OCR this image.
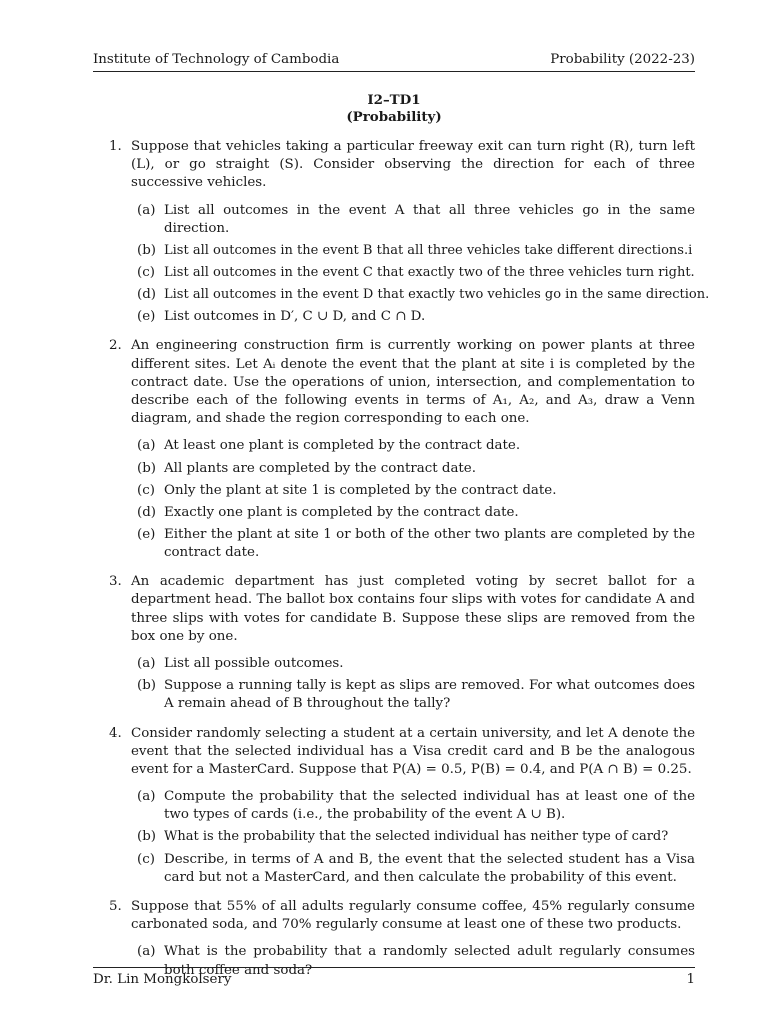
Institute of Technology of Cambodia	Probability (2022-23)
I2–TD1
(Probability)
1. Suppose that vehicles taking a particular freeway exit can turn right (R), turn left (L), or go straight (S). Consider observing the direction for each of three successive vehicles.
(a) List all outcomes in the event A that all three vehicles go in the same direction.
(b) List all outcomes in the event B that all three vehicles take different directions.i
(c) List all outcomes in the event C that exactly two of the three vehicles turn right.
(d) List all outcomes in the event D that exactly two vehicles go in the same direction.
(e) List outcomes in D′, C ∪ D, and C ∩ D.
2. An engineering construction firm is currently working on power plants at three different sites. Let Aᵢ denote the event that the plant at site i is completed by the contract date. Use the operations of union, intersection, and complementation to describe each of the following events in terms of A₁, A₂, and A₃, draw a Venn diagram, and shade the region corresponding to each one.
(a) At least one plant is completed by the contract date.
(b) All plants are completed by the contract date.
(c) Only the plant at site 1 is completed by the contract date.
(d) Exactly one plant is completed by the contract date.
(e) Either the plant at site 1 or both of the other two plants are completed by the contract date.
3. An academic department has just completed voting by secret ballot for a department head. The ballot box contains four slips with votes for candidate A and three slips with votes for candidate B. Suppose these slips are removed from the box one by one.
(a) List all possible outcomes.
(b) Suppose a running tally is kept as slips are removed. For what outcomes does A remain ahead of B throughout the tally?
4. Consider randomly selecting a student at a certain university, and let A denote the event that the selected individual has a Visa credit card and B be the analogous event for a MasterCard. Suppose that P(A) = 0.5, P(B) = 0.4, and P(A ∩ B) = 0.25.
(a) Compute the probability that the selected individual has at least one of the two types of cards (i.e., the probability of the event A ∪ B).
(b) What is the probability that the selected individual has neither type of card?
(c) Describe, in terms of A and B, the event that the selected student has a Visa card but not a MasterCard, and then calculate the probability of this event.
5. Suppose that 55% of all adults regularly consume coffee, 45% regularly consume carbonated soda, and 70% regularly consume at least one of these two products.
(a) What is the probability that a randomly selected adult regularly consumes both coffee and soda?
Dr. Lin Mongkolsery	1
